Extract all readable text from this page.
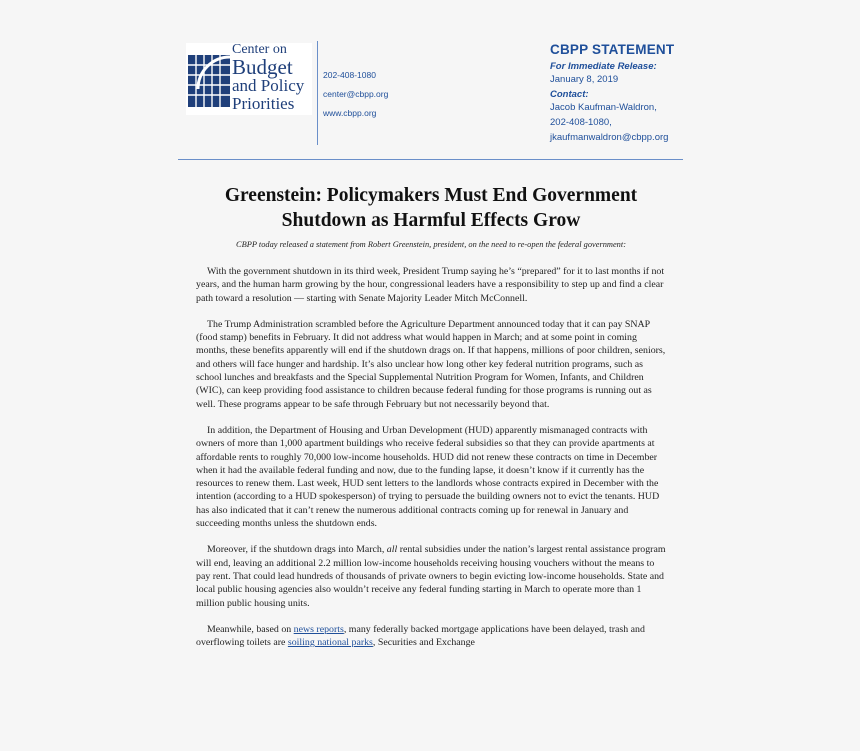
Center on
Budget
and Policy
Priorities
202-408-1080
center@cbpp.org
www.cbpp.org
CBPP STATEMENT
For Immediate Release:
January 8, 2019
Contact:
Jacob Kaufman-Waldron,
202-408-1080,
jkaufmanwaldron@cbpp.org
Greenstein: Policymakers Must End Government
Shutdown as Harmful Effects Grow
CBPP today released a statement from Robert Greenstein, president, on the need to re-open the federal government:

With the government shutdown in its third week, President Trump saying he’s “prepared” for it to last months if not years, and the human harm growing by the hour, congressional leaders have a responsibility to step up and find a clear path toward a resolution — starting with Senate Majority Leader Mitch McConnell.

The Trump Administration scrambled before the Agriculture Department announced today that it can pay SNAP (food stamp) benefits in February. It did not address what would happen in March; and at some point in coming months, these benefits apparently will end if the shutdown drags on. If that happens, millions of poor children, seniors, and others will face hunger and hardship. It’s also unclear how long other key federal nutrition programs, such as school lunches and breakfasts and the Special Supplemental Nutrition Program for Women, Infants, and Children (WIC), can keep providing food assistance to children because federal funding for those programs is running out as well. These programs appear to be safe through February but not necessarily beyond that.

In addition, the Department of Housing and Urban Development (HUD) apparently mismanaged contracts with owners of more than 1,000 apartment buildings who receive federal subsidies so that they can provide apartments at affordable rents to roughly 70,000 low-income households. HUD did not renew these contracts on time in December when it had the available federal funding and now, due to the funding lapse, it doesn’t know if it currently has the resources to renew them. Last week, HUD sent letters to the landlords whose contracts expired in December with the intention (according to a HUD spokesperson) of trying to persuade the building owners not to evict the tenants. HUD has also indicated that it can’t renew the numerous additional contracts coming up for renewal in January and succeeding months unless the shutdown ends.

Moreover, if the shutdown drags into March, all rental subsidies under the nation’s largest rental assistance program will end, leaving an additional 2.2 million low-income households receiving housing vouchers without the means to pay rent. That could lead hundreds of thousands of private owners to begin evicting low-income households. State and local public housing agencies also wouldn’t receive any federal funding starting in March to operate more than 1 million public housing units.

Meanwhile, based on news reports, many federally backed mortgage applications have been delayed, trash and overflowing toilets are soiling national parks, Securities and Exchange
